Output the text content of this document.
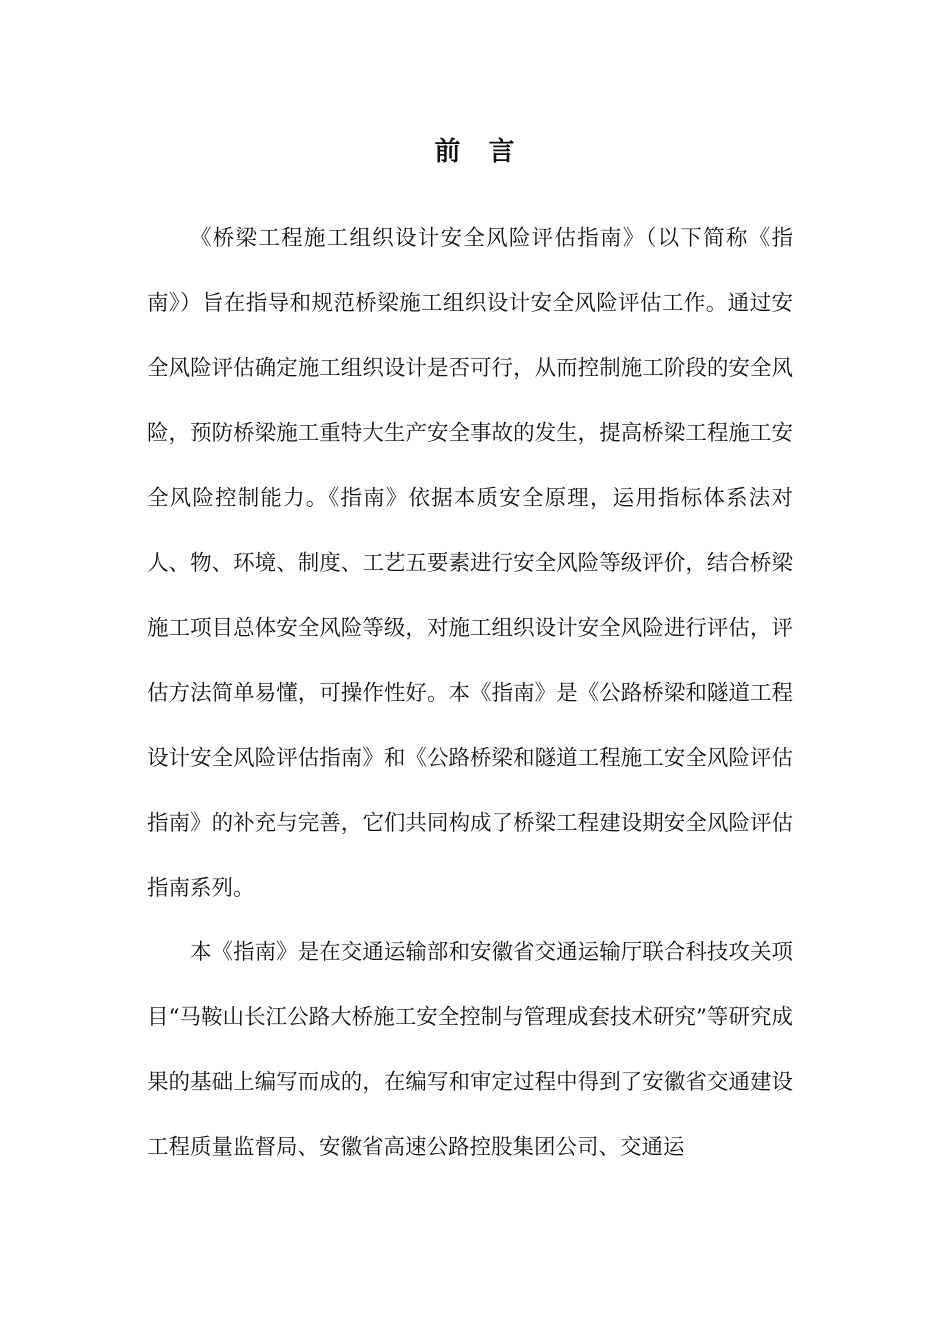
前　言

《桥梁工程施工组织设计安全风险评估指南》（以下简称《指南》）旨在指导和规范桥梁施工组织设计安全风险评估工作。通过安全风险评估确定施工组织设计是否可行，从而控制施工阶段的安全风险，预防桥梁施工重特大生产安全事故的发生，提高桥梁工程施工安全风险控制能力。《指南》依据本质安全原理，运用指标体系法对人、物、环境、制度、工艺五要素进行安全风险等级评价，结合桥梁施工项目总体安全风险等级，对施工组织设计安全风险进行评估，评估方法简单易懂，可操作性好。本《指南》是《公路桥梁和隧道工程设计安全风险评估指南》和《公路桥梁和隧道工程施工安全风险评估指南》的补充与完善，它们共同构成了桥梁工程建设期安全风险评估指南系列。

本《指南》是在交通运输部和安徽省交通运输厅联合科技攻关项目“马鞍山长江公路大桥施工安全控制与管理成套技术研究”等研究成果的基础上编写而成的，在编写和审定过程中得到了安徽省交通建设工程质量监督局、安徽省高速公路控股集团公司、交通运
